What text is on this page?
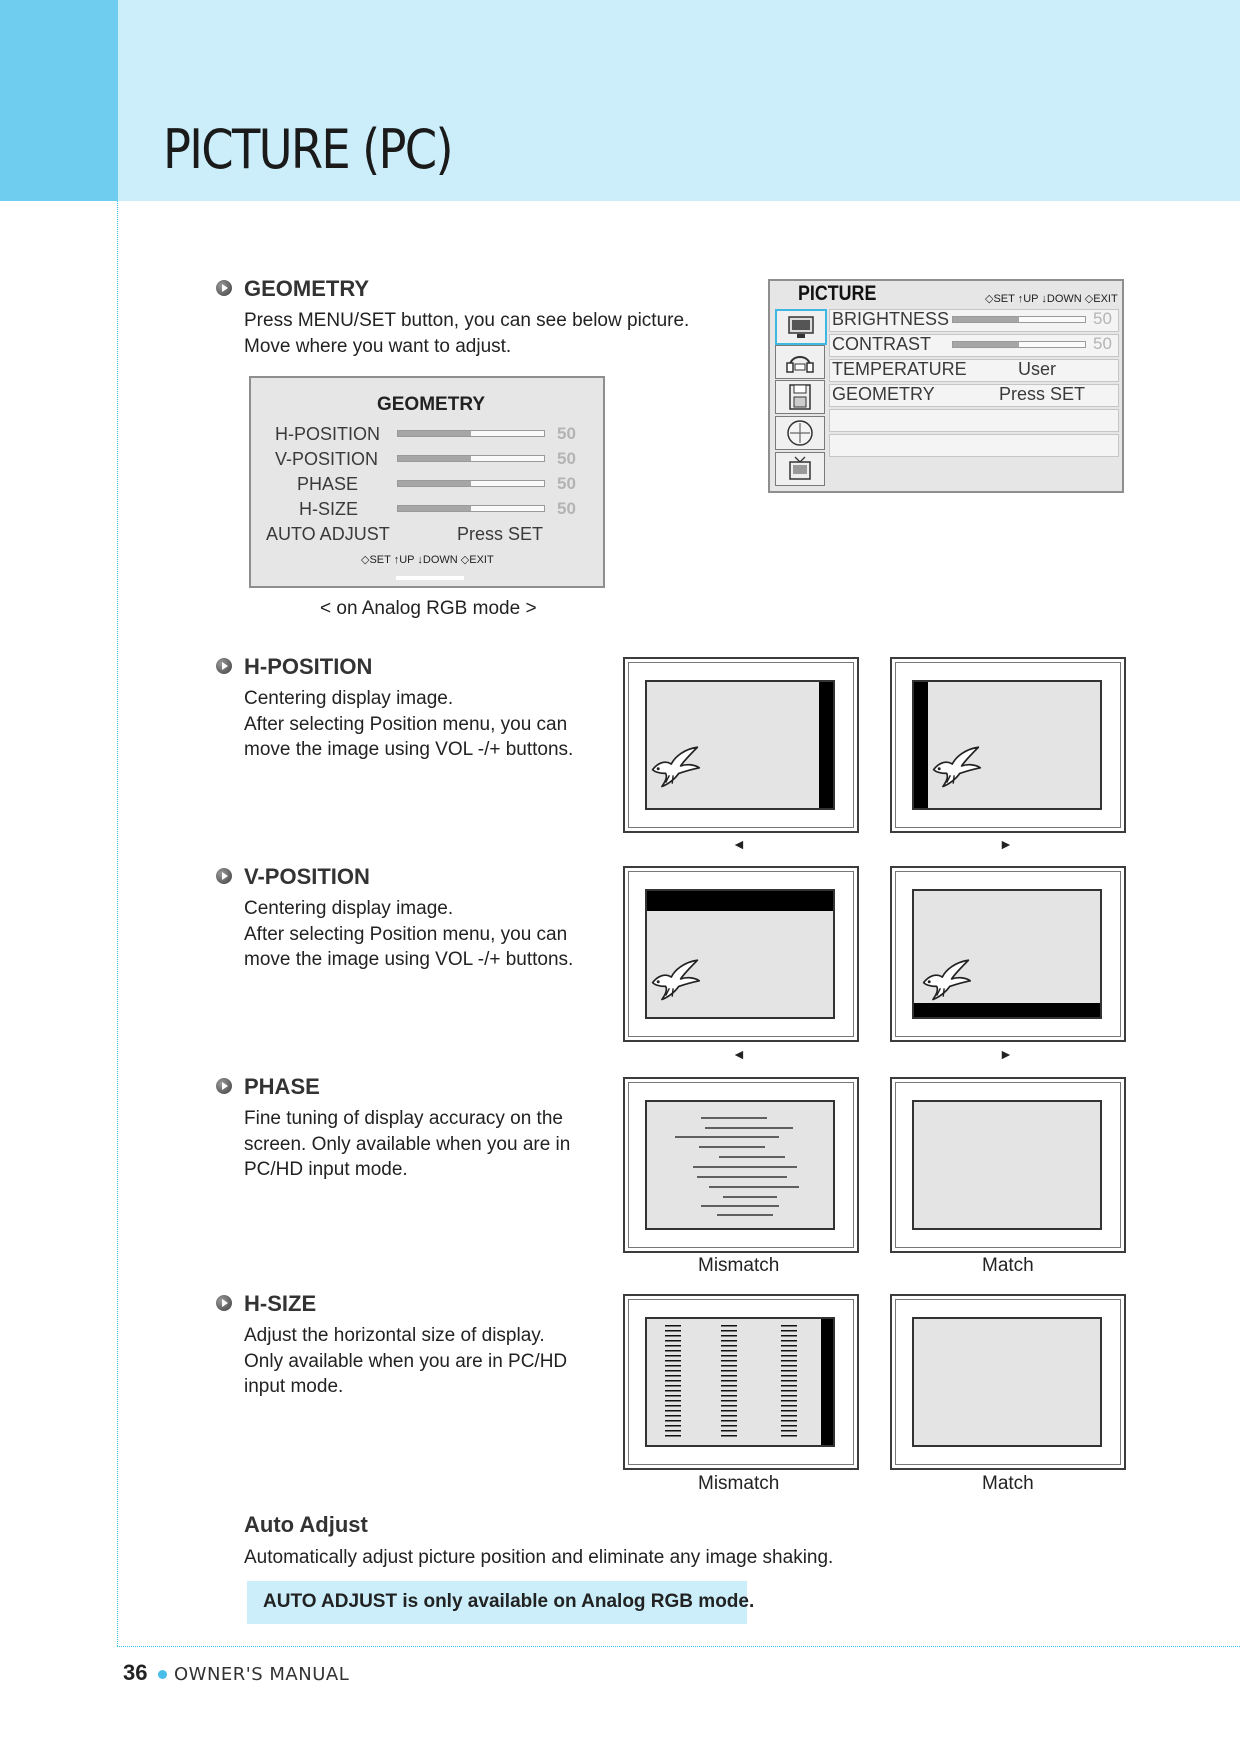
PICTURE (PC)
GEOMETRY
Press MENU/SET button, you can see below picture.
Move where you want to adjust.
GEOMETRY
H-POSITION	50
V-POSITION	50
PHASE	50
H-SIZE	50
AUTO ADJUST	Press SET
◇SET ↑UP ↓DOWN ◇EXIT
< on Analog RGB mode >
PICTURE	◇SET ↑UP ↓DOWN ◇EXIT
BRIGHTNESS	50
CONTRAST	50
TEMPERATURE	User
GEOMETRY	Press SET
H-POSITION
Centering display image.
After selecting Position menu, you can
move the image using VOL -/+ buttons.
◄	►
V-POSITION
Centering display image.
After selecting Position menu, you can
move the image using VOL -/+ buttons.
◄	►
PHASE
Fine tuning of display accuracy on the
screen. Only available when you are in
PC/HD input mode.
Mismatch	Match
H-SIZE
Adjust the horizontal size of display.
Only available when you are in PC/HD
input mode.
Mismatch	Match
Auto Adjust
Automatically adjust picture position and eliminate any image shaking.
AUTO ADJUST is only available on Analog RGB mode.
36 OWNER'S MANUAL
